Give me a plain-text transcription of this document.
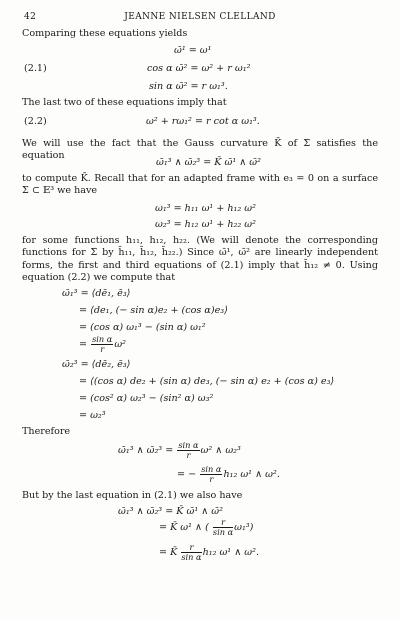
42	JEANNE NIELSEN CLELLAND
Comparing these equations yields
ω̄¹ = ω¹
(2.1)	cos α ω̄² = ω² + r ω₁²
sin α ω̄² = r ω₁³.
The last two of these equations imply that
(2.2)	ω² + rω₁² = r cot α ω₁³.
We will use the fact that the Gauss curvature K̄ of Σ̄ satisfies the equation
ω̄₁³ ∧ ω̄₂³ = K̄ ω̄¹ ∧ ω̄²
to compute K̄. Recall that for an adapted frame with e₃ = 0 on a surface Σ ⊂ 𝔼³ we have
ω₁³ = h₁₁ ω¹ + h₁₂ ω²
ω₂³ = h₁₂ ω¹ + h₂₂ ω²
for some functions h₁₁, h₁₂, h₂₂. (We will denote the corresponding functions for Σ̄ by h̄₁₁, h̄₁₂, h̄₂₂.) Since ω̄¹, ω̄² are linearly independent forms, the first and third equations of (2.1) imply that h̄₁₂ ≠ 0. Using equation (2.2) we compute that
ω̄₁³ = ⟨dē₁, ē₃⟩
= ⟨de₁, (− sin α)e₂ + (cos α)e₃⟩
= (cos α) ω₁³ − (sin α) ω₁²
= $\frac{\text{sin α}}{r} \omega^2$
ω̄₂³ = ⟨dē₂, ē₃⟩
= ⟨(cos α) de₂ + (sin α) de₃, (− sin α) e₂ + (cos α) e₃⟩
= (cos² α) ω₂³ − (sin² α) ω₃²
= ω₂³
Therefore
ω̄₁³ ∧ ω̄₂³ = $\frac{\text{sin α}}{r} \omega^2$ ∧ ω₂³
= − $\frac{\text{sin α}}{r} h_{12}$ ω¹ ∧ ω².
But by the last equation in (2.1) we also have
ω̄₁³ ∧ ω̄₂³ = K̄ ω̄¹ ∧ ω̄²
= K̄ ω¹ ∧ ( $\frac{r}{\text{sin α}} \omega_1^3$)
= K̄ $\frac{r}{\text{sin α}} h_{12}$ ω¹ ∧ ω².
